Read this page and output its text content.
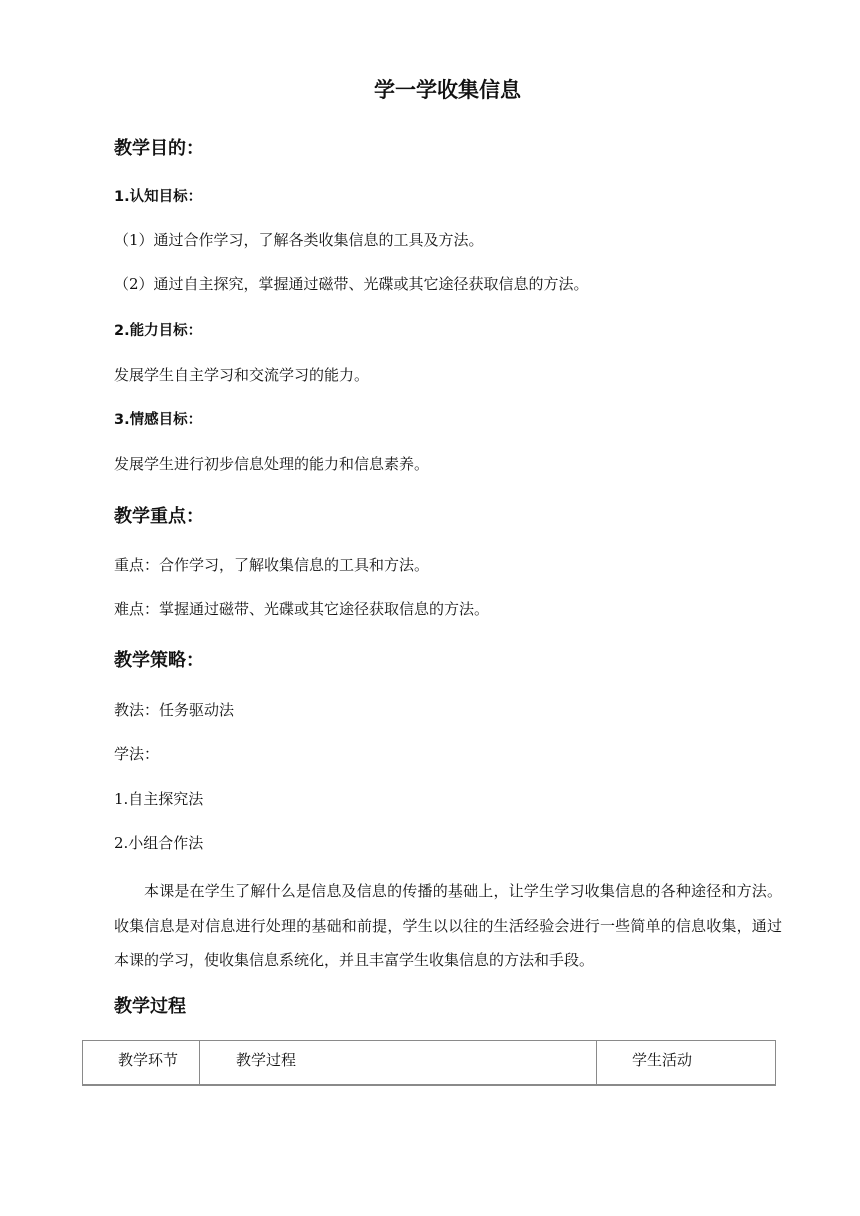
学一学收集信息
教学目的：
1.认知目标：
（1）通过合作学习，了解各类收集信息的工具及方法。
（2）通过自主探究，掌握通过磁带、光碟或其它途径获取信息的方法。
2.能力目标：
发展学生自主学习和交流学习的能力。
3.情感目标：
发展学生进行初步信息处理的能力和信息素养。
教学重点：
重点：合作学习，了解收集信息的工具和方法。
难点：掌握通过磁带、光碟或其它途径获取信息的方法。
教学策略：
教法：任务驱动法
学法：
1.自主探究法
2.小组合作法
本课是在学生了解什么是信息及信息的传播的基础上，让学生学习收集信息的各种途径和方法。收集信息是对信息进行处理的基础和前提，学生以以往的生活经验会进行一些简单的信息收集，通过本课的学习，使收集信息系统化，并且丰富学生收集信息的方法和手段。
教学过程
教学环节	教学过程	学生活动
